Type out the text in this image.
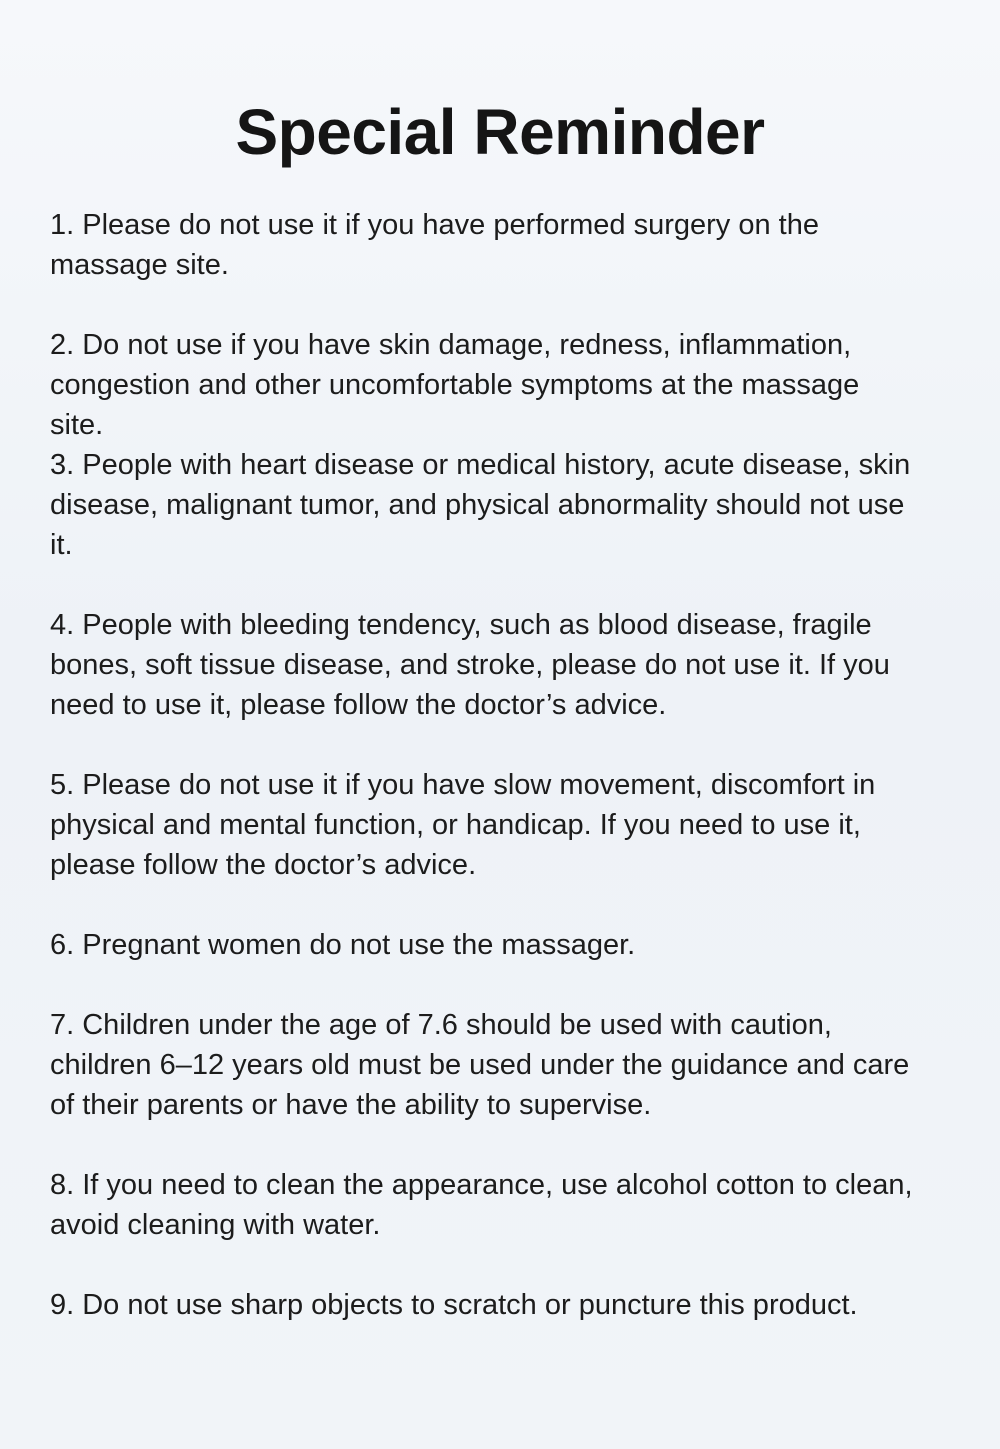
Special Reminder

1. Please do not use it if you have performed surgery on the
massage site.

2. Do not use if you have skin damage, redness, inflammation,
congestion and other uncomfortable symptoms at the massage
site.

3. People with heart disease or medical history, acute disease, skin
disease, malignant tumor, and physical abnormality should not use
it.

4. People with bleeding tendency, such as blood disease, fragile
bones, soft tissue disease, and stroke, please do not use it. If you
need to use it, please follow the doctor’s advice.

5. Please do not use it if you have slow movement, discomfort in
physical and mental function, or handicap. If you need to use it,
please follow the doctor’s advice.

6. Pregnant women do not use the massager.

7. Children under the age of 7.6 should be used with caution,
children 6–12 years old must be used under the guidance and care
of their parents or have the ability to supervise.

8. If you need to clean the appearance, use alcohol cotton to clean,
avoid cleaning with water.

9. Do not use sharp objects to scratch or puncture this product.
